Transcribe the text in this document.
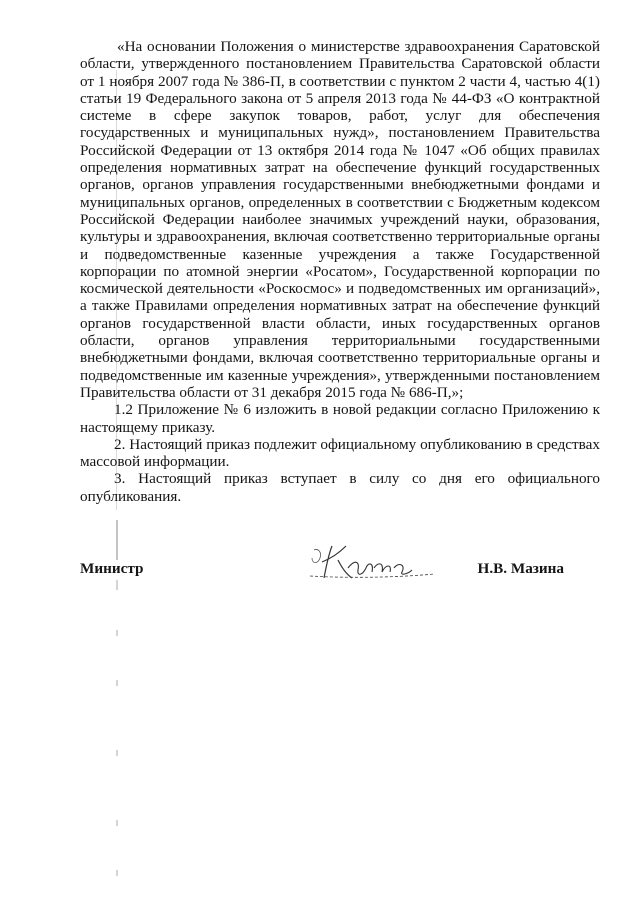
«На основании Положения о министерстве здравоохранения Саратовской области, утвержденного постановлением Правительства Саратовской области от 1 ноября 2007 года № 386-П, в соответствии с пунктом 2 части 4, частью 4(1) статьи 19 Федерального закона от 5 апреля 2013 года № 44-ФЗ «О контрактной системе в сфере закупок товаров, работ, услуг для обеспечения государственных и муниципальных нужд», постановлением Правительства Российской Федерации от 13 октября 2014 года № 1047 «Об общих правилах определения нормативных затрат на обеспечение функций государственных органов, органов управления государственными внебюджетными фондами и муниципальных органов, определенных в соответствии с Бюджетным кодексом Российской Федерации наиболее значимых учреждений науки, образования, культуры и здравоохранения, включая соответственно территориальные органы и подведомственные казенные учреждения а также Государственной корпорации по атомной энергии «Росатом», Государственной корпорации по космической деятельности «Роскосмос» и подведомственных им организаций», а также Правилами определения нормативных затрат на обеспечение функций органов государственной власти области, иных государственных органов области, органов управления территориальными государственными внебюджетными фондами, включая соответственно территориальные органы и подведомственные им казенные учреждения», утвержденными постановлением Правительства области от 31 декабря 2015 года № 686-П,»;

1.2 Приложение № 6 изложить в новой редакции согласно Приложению к настоящему приказу.

2. Настоящий приказ подлежит официальному опубликованию в средствах массовой информации.

3. Настоящий приказ вступает в силу со дня его официального опубликования.

Министр	Н.В. Мазина
